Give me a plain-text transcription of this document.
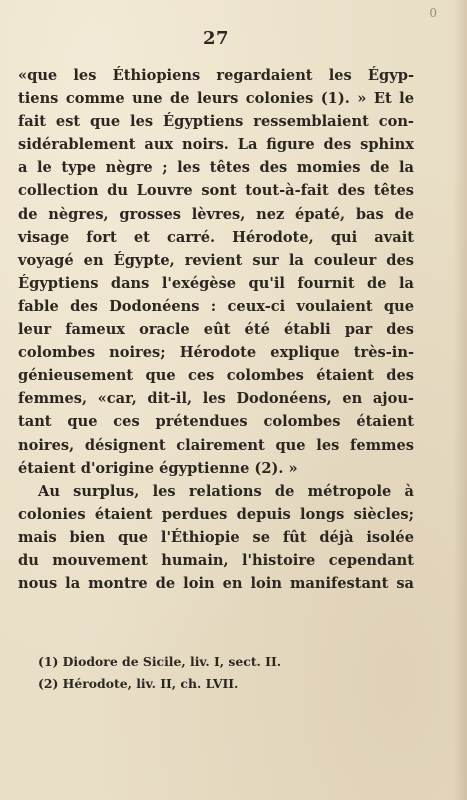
0
27
«que les Éthiopiens regardaient les Égyp-
tiens comme une de leurs colonies (1). » Et le
fait est que les Égyptiens ressemblaient con-
sidérablement aux noirs. La figure des sphinx
a le type nègre ; les têtes des momies de la
collection du Louvre sont tout-à-fait des têtes
de nègres, grosses lèvres, nez épaté, bas de
visage fort et carré. Hérodote, qui avait
voyagé en Égypte, revient sur la couleur des
Égyptiens dans l'exégèse qu'il fournit de la
fable des Dodonéens : ceux-ci voulaient que
leur fameux oracle eût été établi par des
colombes noires; Hérodote explique très-in-
génieusement que ces colombes étaient des
femmes, «car, dit-il, les Dodonéens, en ajou-
tant que ces prétendues colombes étaient
noires, désignent clairement que les femmes
étaient d'origine égyptienne (2). »
Au surplus, les relations de métropole à
colonies étaient perdues depuis longs siècles;
mais bien que l'Éthiopie se fût déjà isolée
du mouvement humain, l'histoire cependant
nous la montre de loin en loin manifestant sa
(1) Diodore de Sicile, liv. I, sect. II.
(2) Hérodote, liv. II, ch. LVII.
